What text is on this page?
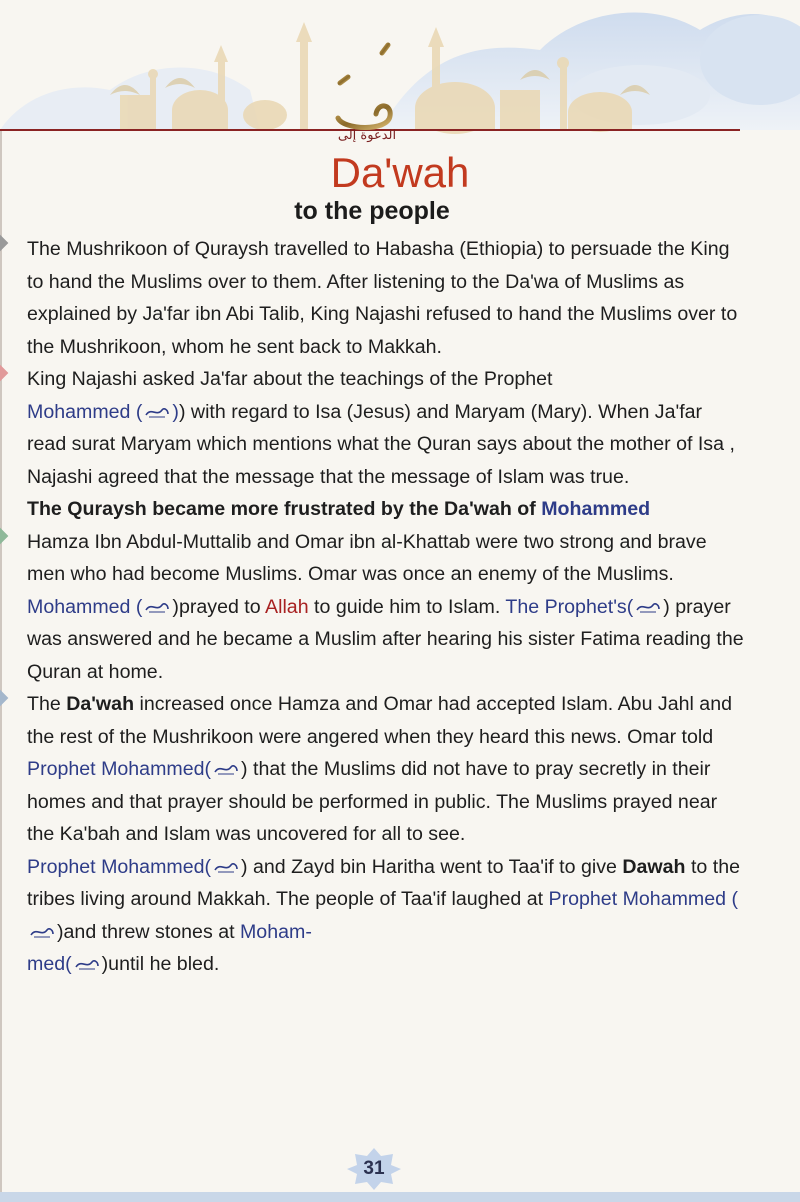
الدعوة إلى
Da'wah
to the people

The Mushrikoon of Quraysh travelled to Habasha (Ethiopia) to persuade the King to hand the Muslims over to them. After listening to the Da'wa of Muslims as explained by Ja'far ibn Abi Talib, King Najashi refused to hand the Muslims over to the Mushrikoon, whom he sent back to Makkah.

King Najashi asked Ja'far about the teachings of the Prophet
Mohammed ( )) with regard to Isa (Jesus) and Maryam (Mary). When Ja'far read surat Maryam which mentions what the Quran says about the mother of Isa , Najashi agreed that the message that the message of Islam was true.

The Quraysh became more frustrated by the Da'wah of Mohammed

Hamza Ibn Abdul-Muttalib and Omar ibn al-Khattab were two strong and brave men who had become Muslims. Omar was once an enemy of the Muslims. Mohammed ( )prayed to Allah to guide him to Islam. The Prophet's( ) prayer was answered and he became a Muslim after hearing his sister Fatima reading the Quran at home.

The Da'wah increased once Hamza and Omar had accepted Islam. Abu Jahl and the rest of the Mushrikoon were angered when they heard this news. Omar told Prophet Mohammed( ) that the Muslims did not have to pray secretly in their homes and that prayer should be performed in public. The Muslims prayed near the Ka'bah and Islam was uncovered for all to see.

Prophet Mohammed( ) and Zayd bin Haritha went to Taa'if to give Dawah to the tribes living around Makkah. The people of Taa'if laughed at Prophet Mohammed ()and threw stones at Moham-
med( )until he bled.

31
